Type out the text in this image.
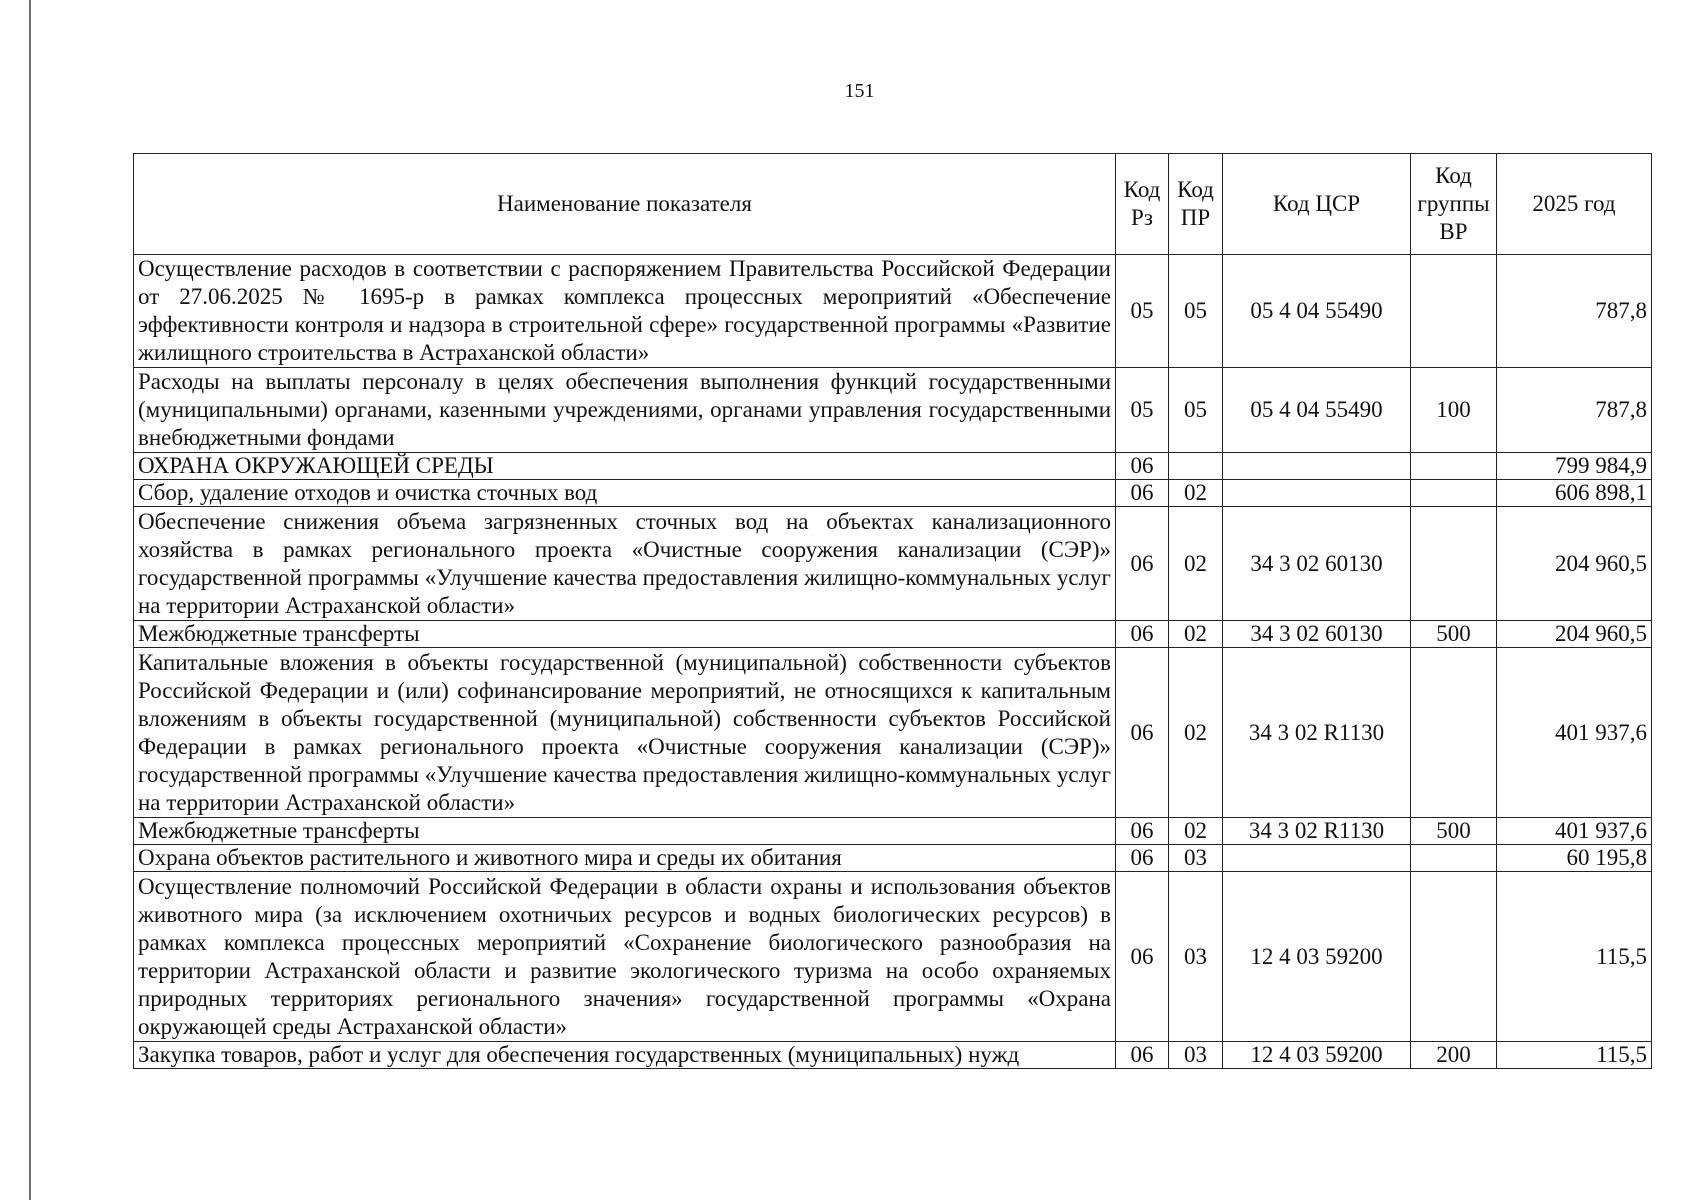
151
Наименование показателя	Код Рз	Код ПР	Код ЦСР	Код группы ВР	2025 год
Осуществление расходов в соответствии с распоряжением Правительства Российской Федерации от 27.06.2025 № 1695-р в рамках комплекса процессных мероприятий «Обеспечение эффективности контроля и надзора в строительной сфере» государственной программы «Развитие жилищного строительства в Астраханской области»	05	05	05 4 04 55490		787,8
Расходы на выплаты персоналу в целях обеспечения выполнения функций государственными (муниципальными) органами, казенными учреждениями, органами управления государственными внебюджетными фондами	05	05	05 4 04 55490	100	787,8
ОХРАНА ОКРУЖАЮЩЕЙ СРЕДЫ	06				799 984,9
Сбор, удаление отходов и очистка сточных вод	06	02			606 898,1
Обеспечение снижения объема загрязненных сточных вод на объектах канализационного хозяйства в рамках регионального проекта «Очистные сооружения канализации (СЭР)» государственной программы «Улучшение качества предоставления жилищно-коммунальных услуг на территории Астраханской области»	06	02	34 3 02 60130		204 960,5
Межбюджетные трансферты	06	02	34 3 02 60130	500	204 960,5
Капитальные вложения в объекты государственной (муниципальной) собственности субъектов Российской Федерации и (или) софинансирование мероприятий, не относящихся к капитальным вложениям в объекты государственной (муниципальной) собственности субъектов Российской Федерации в рамках регионального проекта «Очистные сооружения канализации (СЭР)» государственной программы «Улучшение качества предоставления жилищно-коммунальных услуг на территории Астраханской области»	06	02	34 3 02 R1130		401 937,6
Межбюджетные трансферты	06	02	34 3 02 R1130	500	401 937,6
Охрана объектов растительного и животного мира и среды их обитания	06	03			60 195,8
Осуществление полномочий Российской Федерации в области охраны и использования объектов животного мира (за исключением охотничьих ресурсов и водных биологических ресурсов) в рамках комплекса процессных мероприятий «Сохранение биологического разнообразия на территории Астраханской области и развитие экологического туризма на особо охраняемых природных территориях регионального значения» государственной программы «Охрана окружающей среды Астраханской области»	06	03	12 4 03 59200		115,5
Закупка товаров, работ и услуг для обеспечения государственных (муниципальных) нужд	06	03	12 4 03 59200	200	115,5
